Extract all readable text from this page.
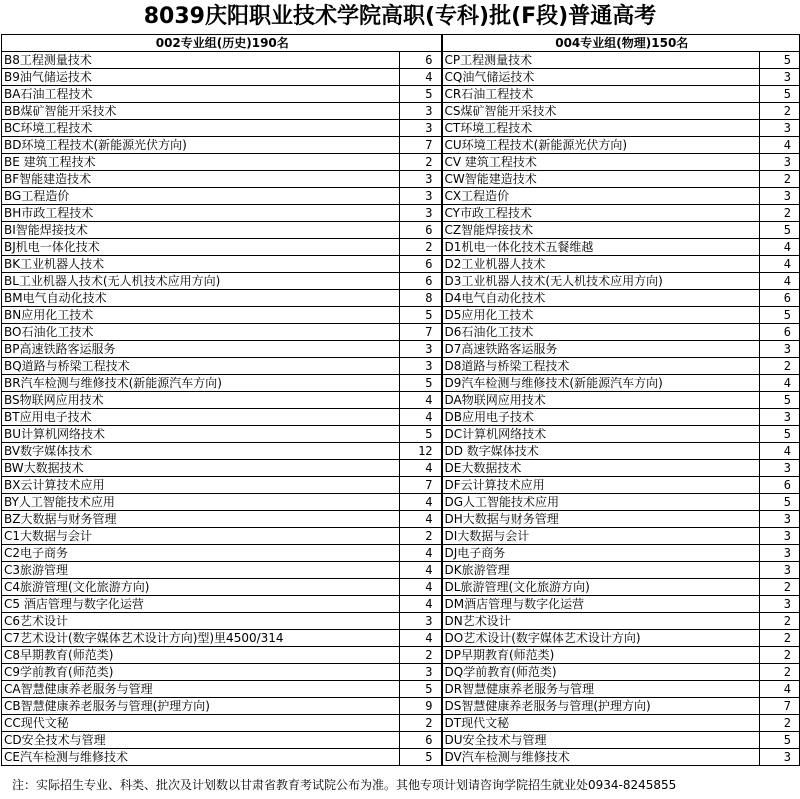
8039庆阳职业技术学院高职(专科)批(F段)普通高考
002专业组(历史)190名		004专业组(物理)150名	
B8工程测量技术	6	CP工程测量技术	5
B9油气储运技术	4	CQ油气储运技术	3
BA石油工程技术	5	CR石油工程技术	5
BB煤矿智能开采技术	3	CS煤矿智能开采技术	2
BC环境工程技术	3	CT环境工程技术	3
BD环境工程技术(新能源光伏方向)	7	CU环境工程技术(新能源光伏方向)	4
BE 建筑工程技术	2	CV 建筑工程技术	3
BF智能建造技术	3	CW智能建造技术	2
BG工程造价	3	CX工程造价	3
BH市政工程技术	3	CY市政工程技术	2
BI智能焊接技术	6	CZ智能焊接技术	5
BJ机电一体化技术	2	D1机电一体化技术五餐维越	4
BK工业机器人技术	6	D2工业机器人技术	4
BL工业机器人技术(无人机技术应用方向)	6	D3工业机器人技术(无人机技术应用方向)	4
BM电气自动化技术	8	D4电气自动化技术	6
BN应用化工技术	5	D5应用化工技术	5
BO石油化工技术	7	D6石油化工技术	6
BP高速铁路客运服务	3	D7高速铁路客运服务	3
BQ道路与桥梁工程技术	3	D8道路与桥梁工程技术	2
BR汽车检测与维修技术(新能源汽车方向)	5	D9汽车检测与维修技术(新能源汽车方向)	4
BS物联网应用技术	4	DA物联网应用技术	5
BT应用电子技术	4	DB应用电子技术	3
BU计算机网络技术	5	DC计算机网络技术	5
BV数字媒体技术	12	DD 数字媒体技术	4
BW大数据技术	4	DE大数据技术	3
BX云计算技术应用	7	DF云计算技术应用	6
BY人工智能技术应用	4	DG人工智能技术应用	5
BZ大数据与财务管理	4	DH大数据与财务管理	3
C1大数据与会计	2	DI大数据与会计	3
C2电子商务	4	DJ电子商务	3
C3旅游管理	4	DK旅游管理	3
C4旅游管理(文化旅游方向)	4	DL旅游管理(文化旅游方向)	2
C5 酒店管理与数字化运营	4	DM酒店管理与数字化运营	3
C6艺术设计	3	DN艺术设计	2
C7艺术设计(数字媒体艺术设计方向)型)里4500/314	4	DO艺术设计(数字媒体艺术设计方向)	2
C8早期教育(师范类)	2	DP早期教育(师范类)	2
C9学前教育(师范类)	3	DQ学前教育(师范类)	2
CA智慧健康养老服务与管理	5	DR智慧健康养老服务与管理	4
CB智慧健康养老服务与管理(护理方向)	9	DS智慧健康养老服务与管理(护理方向)	7
CC现代文秘	2	DT现代文秘	2
CD安全技术与管理	6	DU安全技术与管理	5
CE汽车检测与维修技术	5	DV汽车检测与维修技术	3
注：实际招生专业、科类、批次及计划数以甘肃省教育考试院公布为准。其他专项计划请咨询学院招生就业处0934-8245855
